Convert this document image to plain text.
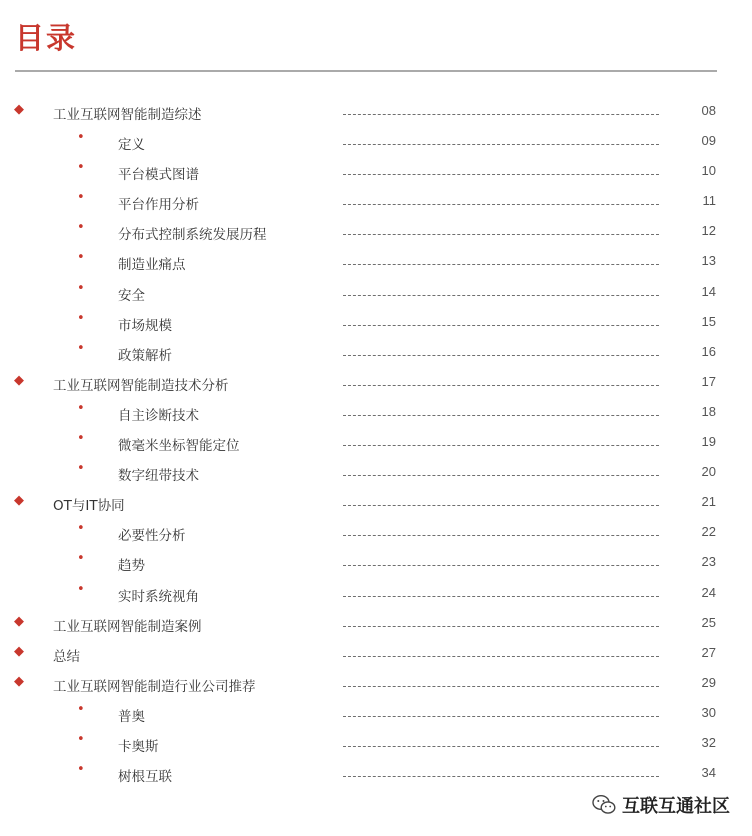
目录
◆ 工业互联网智能制造综述	08
• 定义	09
• 平台模式图谱	10
• 平台作用分析	11
• 分布式控制系统发展历程	12
• 制造业痛点	13
• 安全	14
• 市场规模	15
• 政策解析	16
◆ 工业互联网智能制造技术分析	17
• 自主诊断技术	18
• 微毫米坐标智能定位	19
• 数字纽带技术	20
◆ OT与IT协同	21
• 必要性分析	22
• 趋势	23
• 实时系统视角	24
◆ 工业互联网智能制造案例	25
◆ 总结	27
◆ 工业互联网智能制造行业公司推荐	29
• 普奥	30
• 卡奥斯	32
• 树根互联	34
互联互通社区
